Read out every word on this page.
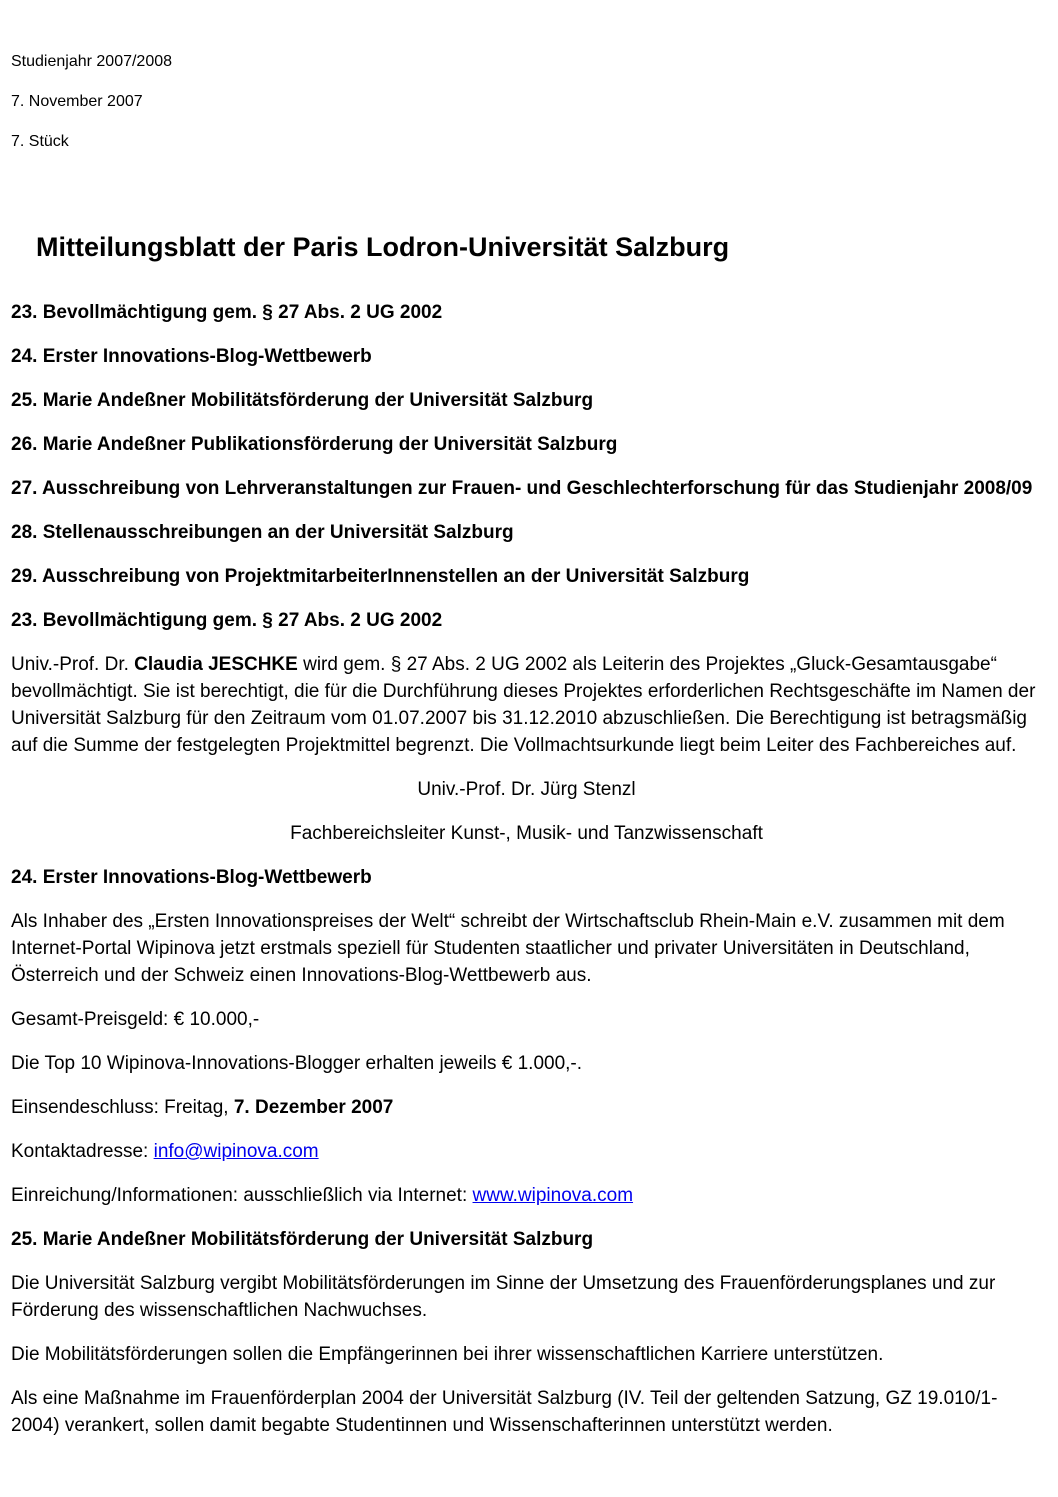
Studienjahr 2007/2008

7. November 2007

7. Stück

Mitteilungsblatt der Paris Lodron-Universität Salzburg

23. Bevollmächtigung gem. § 27 Abs. 2 UG 2002

24. Erster Innovations-Blog-Wettbewerb

25. Marie Andeßner Mobilitätsförderung der Universität Salzburg

26. Marie Andeßner Publikationsförderung der Universität Salzburg

27. Ausschreibung von Lehrveranstaltungen zur Frauen- und Geschlechterforschung für das Studienjahr 2008/09

28. Stellenausschreibungen an der Universität Salzburg

29. Ausschreibung von ProjektmitarbeiterInnenstellen an der Universität Salzburg

23. Bevollmächtigung gem. § 27 Abs. 2 UG 2002

Univ.-Prof. Dr. Claudia JESCHKE wird gem. § 27 Abs. 2 UG 2002 als Leiterin des Projektes „Gluck-Gesamtausgabe“ bevollmächtigt. Sie ist berechtigt, die für die Durchführung dieses Projektes erforderlichen Rechtsgeschäfte im Namen der Universität Salzburg für den Zeitraum vom 01.07.2007 bis 31.12.2010 abzuschließen. Die Berechtigung ist betragsmäßig auf die Summe der festgelegten Projektmittel begrenzt. Die Vollmachtsurkunde liegt beim Leiter des Fachbereiches auf.

Univ.-Prof. Dr. Jürg Stenzl

Fachbereichsleiter Kunst-, Musik- und Tanzwissenschaft

24. Erster Innovations-Blog-Wettbewerb

Als Inhaber des „Ersten Innovationspreises der Welt“ schreibt der Wirtschaftsclub Rhein-Main e.V. zusammen mit dem Internet-Portal Wipinova jetzt erstmals speziell für Studenten staatlicher und privater Universitäten in Deutschland, Österreich und der Schweiz einen Innovations-Blog-Wettbewerb aus.

Gesamt-Preisgeld: € 10.000,-

Die Top 10 Wipinova-Innovations-Blogger erhalten jeweils € 1.000,-.

Einsendeschluss: Freitag, 7. Dezember 2007

Kontaktadresse: info@wipinova.com

Einreichung/Informationen: ausschließlich via Internet: www.wipinova.com

25. Marie Andeßner Mobilitätsförderung der Universität Salzburg

Die Universität Salzburg vergibt Mobilitätsförderungen im Sinne der Umsetzung des Frauenförderungsplanes und zur Förderung des wissenschaftlichen Nachwuchses.

Die Mobilitätsförderungen sollen die Empfängerinnen bei ihrer wissenschaftlichen Karriere unterstützen.

Als eine Maßnahme im Frauenförderplan 2004 der Universität Salzburg (IV. Teil der geltenden Satzung, GZ 19.010/1-2004) verankert, sollen damit begabte Studentinnen und Wissenschafterinnen unterstützt werden.
